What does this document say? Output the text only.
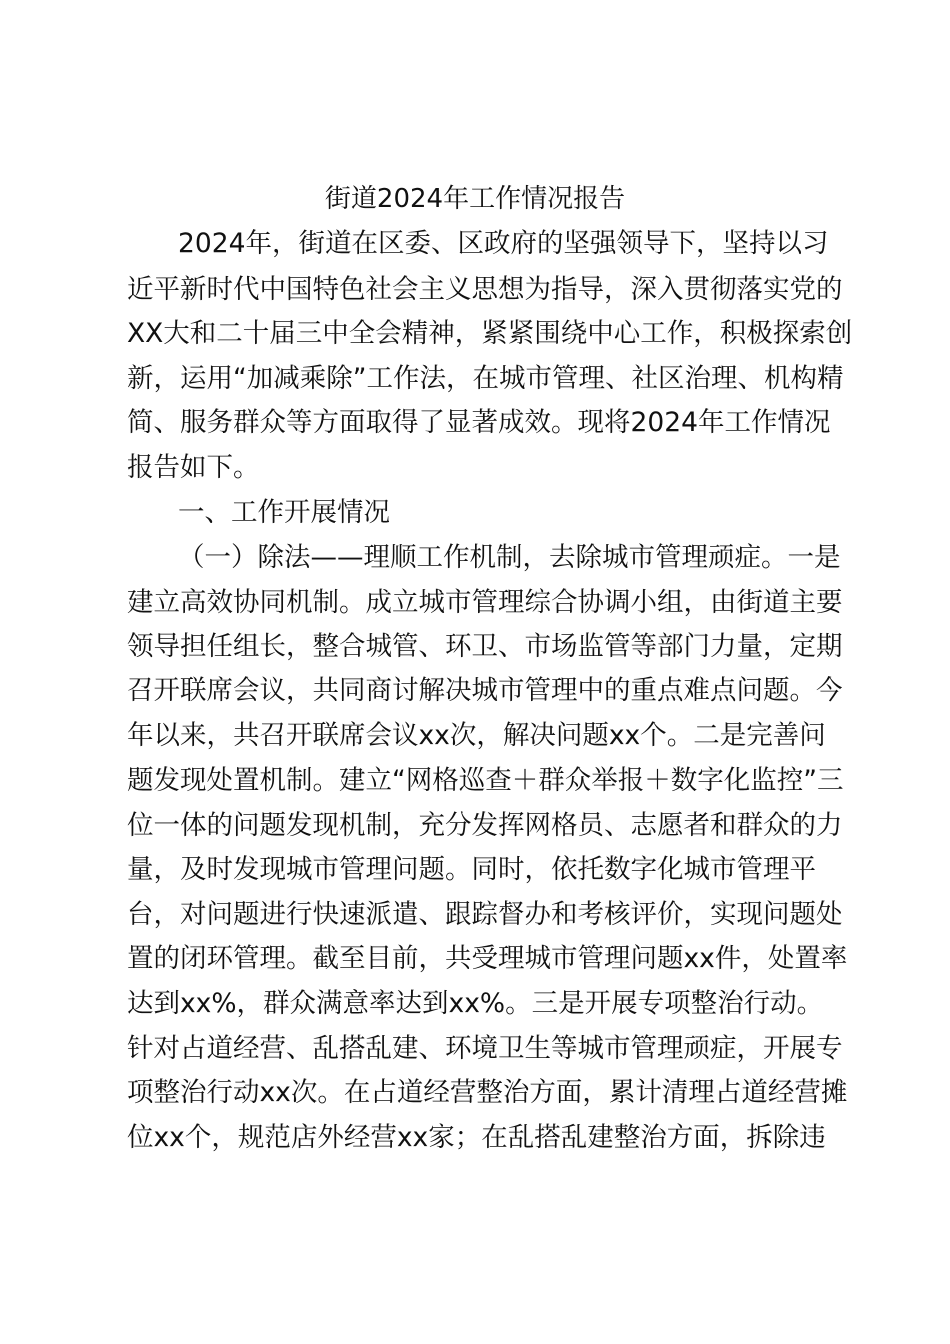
街道2024年工作情况报告
2024年，街道在区委、区政府的坚强领导下，坚持以习
近平新时代中国特色社会主义思想为指导，深入贯彻落实党的
XX大和二十届三中全会精神，紧紧围绕中心工作，积极探索创
新，运用“加减乘除”工作法，在城市管理、社区治理、机构精
简、服务群众等方面取得了显著成效。现将2024年工作情况
报告如下。
一、工作开展情况
（一）除法——理顺工作机制，去除城市管理顽症。一是
建立高效协同机制。成立城市管理综合协调小组，由街道主要
领导担任组长，整合城管、环卫、市场监管等部门力量，定期
召开联席会议，共同商讨解决城市管理中的重点难点问题。今
年以来，共召开联席会议xx次，解决问题xx个。二是完善问
题发现处置机制。建立“网格巡查＋群众举报＋数字化监控”三
位一体的问题发现机制，充分发挥网格员、志愿者和群众的力
量，及时发现城市管理问题。同时，依托数字化城市管理平
台，对问题进行快速派遣、跟踪督办和考核评价，实现问题处
置的闭环管理。截至目前，共受理城市管理问题xx件，处置率
达到xx%，群众满意率达到xx%。三是开展专项整治行动。
针对占道经营、乱搭乱建、环境卫生等城市管理顽症，开展专
项整治行动xx次。在占道经营整治方面，累计清理占道经营摊
位xx个，规范店外经营xx家；在乱搭乱建整治方面，拆除违
